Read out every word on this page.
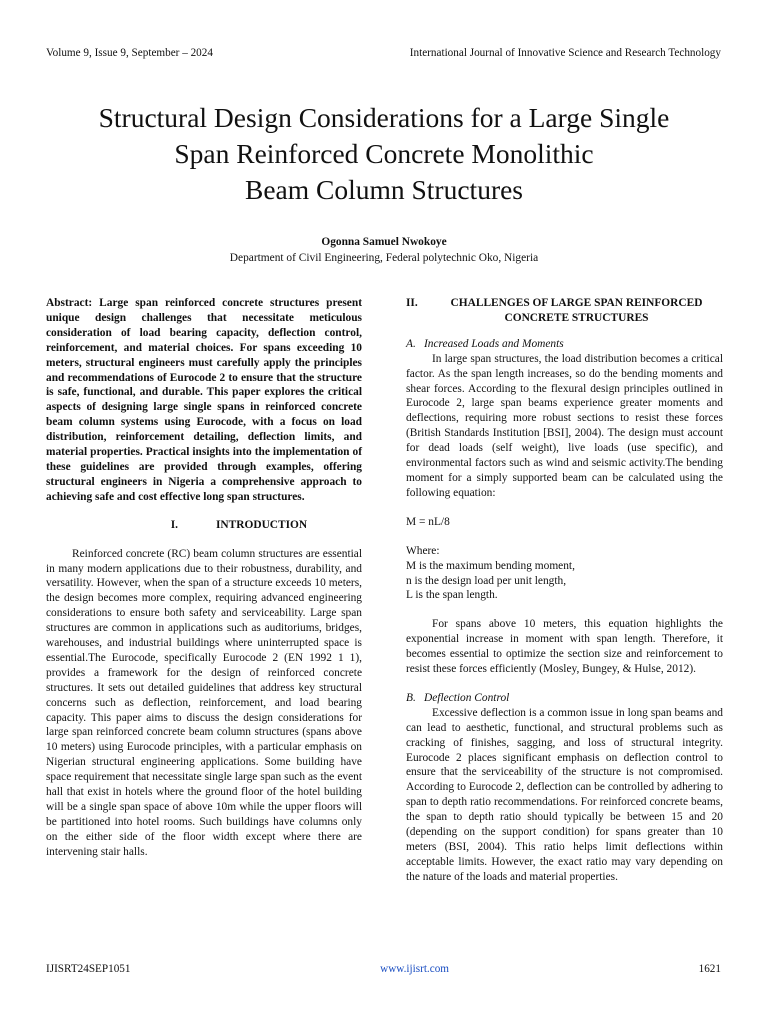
Volume 9, Issue 9, September – 2024	International Journal of Innovative Science and Research Technology
Structural Design Considerations for a Large Single
Span Reinforced Concrete Monolithic
Beam Column Structures
Ogonna Samuel Nwokoye
Department of Civil Engineering, Federal polytechnic Oko, Nigeria

Abstract: Large span reinforced concrete structures present unique design challenges that necessitate meticulous consideration of load bearing capacity, deflection control, reinforcement, and material choices. For spans exceeding 10 meters, structural engineers must carefully apply the principles and recommendations of Eurocode 2 to ensure that the structure is safe, functional, and durable. This paper explores the critical aspects of designing large single spans in reinforced concrete beam column systems using Eurocode, with a focus on load distribution, reinforcement detailing, deflection limits, and material properties. Practical insights into the implementation of these guidelines are provided through examples, offering structural engineers in Nigeria a comprehensive approach to achieving safe and cost effective long span structures.

I.	INTRODUCTION

Reinforced concrete (RC) beam column structures are essential in many modern applications due to their robustness, durability, and versatility. However, when the span of a structure exceeds 10 meters, the design becomes more complex, requiring advanced engineering considerations to ensure both safety and serviceability. Large span structures are common in applications such as auditoriums, bridges, warehouses, and industrial buildings where uninterrupted space is essential.The Eurocode, specifically Eurocode 2 (EN 1992 1 1), provides a framework for the design of reinforced concrete structures. It sets out detailed guidelines that address key structural concerns such as deflection, reinforcement, and load bearing capacity. This paper aims to discuss the design considerations for large span reinforced concrete beam column structures (spans above 10 meters) using Eurocode principles, with a particular emphasis on Nigerian structural engineering applications. Some building have space requirement that necessitate single large span such as the event hall that exist in hotels where the ground floor of the hotel building will be a single span space of above 10m while the upper floors will be partitioned into hotel rooms. Such buildings have columns only on the either side of the floor width except where there are intervening stair halls.

II.	CHALLENGES OF LARGE SPAN REINFORCED CONCRETE STRUCTURES

A. Increased Loads and Moments

In large span structures, the load distribution becomes a critical factor. As the span length increases, so do the bending moments and shear forces. According to the flexural design principles outlined in Eurocode 2, large span beams experience greater moments and deflections, requiring more robust sections to resist these forces (British Standards Institution [BSI], 2004). The design must account for dead loads (self weight), live loads (use specific), and environmental factors such as wind and seismic activity.The bending moment for a simply supported beam can be calculated using the following equation:

M = nL/8

Where:

M is the maximum bending moment,

n is the design load per unit length,

L is the span length.

For spans above 10 meters, this equation highlights the exponential increase in moment with span length. Therefore, it becomes essential to optimize the section size and reinforcement to resist these forces efficiently (Mosley, Bungey, & Hulse, 2012).

B. Deflection Control

Excessive deflection is a common issue in long span beams and can lead to aesthetic, functional, and structural problems such as cracking of finishes, sagging, and loss of structural integrity. Eurocode 2 places significant emphasis on deflection control to ensure that the serviceability of the structure is not compromised. According to Eurocode 2, deflection can be controlled by adhering to span to depth ratio recommendations. For reinforced concrete beams, the span to depth ratio should typically be between 15 and 20 (depending on the support condition) for spans greater than 10 meters (BSI, 2004). This ratio helps limit deflections within acceptable limits. However, the exact ratio may vary depending on the nature of the loads and material properties.

IJISRT24SEP1051	www.ijisrt.com	1621
